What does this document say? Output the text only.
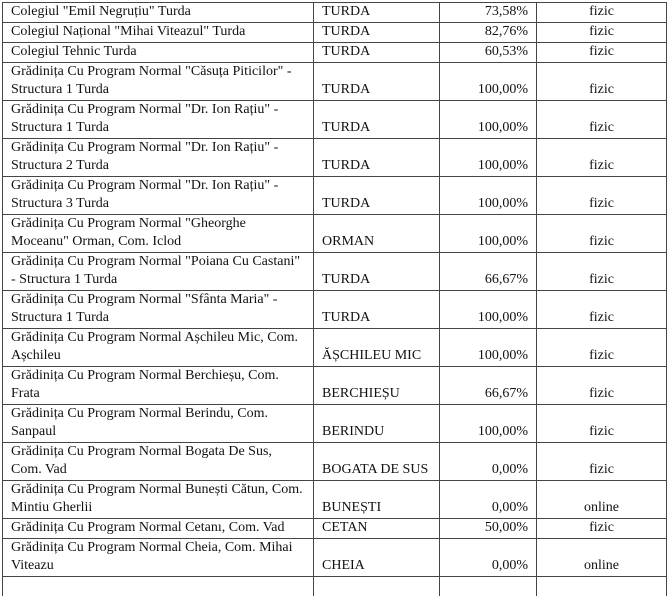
Colegiul "Emil Negruțiu" Turda	TURDA	73,58%	fizic
Colegiul Național "Mihai Viteazul" Turda	TURDA	82,76%	fizic
Colegiul Tehnic Turda	TURDA	60,53%	fizic
Grădinița Cu Program Normal "Căsuța Piticilor" - Structura 1 Turda	TURDA	100,00%	fizic
Grădinița Cu Program Normal "Dr. Ion Rațiu" - Structura 1 Turda	TURDA	100,00%	fizic
Grădinița Cu Program Normal "Dr. Ion Rațiu" - Structura 2 Turda	TURDA	100,00%	fizic
Grădinița Cu Program Normal "Dr. Ion Rațiu" - Structura 3 Turda	TURDA	100,00%	fizic
Grădinița Cu Program Normal "Gheorghe Moceanu" Orman, Com. Iclod	ORMAN	100,00%	fizic
Grădinița Cu Program Normal "Poiana Cu Castani" - Structura 1 Turda	TURDA	66,67%	fizic
Grădinița Cu Program Normal "Sfânta Maria" - Structura 1 Turda	TURDA	100,00%	fizic
Grădinița Cu Program Normal Așchileu Mic, Com. Așchileu	ĂȘCHILEU MIC	100,00%	fizic
Grădinița Cu Program Normal Berchieșu, Com. Frata	BERCHIEȘU	66,67%	fizic
Grădinița Cu Program Normal Berindu, Com. Sanpaul	BERINDU	100,00%	fizic
Grădinița Cu Program Normal Bogata De Sus, Com. Vad	BOGATA DE SUS	0,00%	fizic
Grădinița Cu Program Normal Bunești Cătun, Com. Mintiu Gherlii	BUNEȘTI	0,00%	online
Grădinița Cu Program Normal Cetanı, Com. Vad	CETAN	50,00%	fizic
Grădinița Cu Program Normal Cheia, Com. Mihai Viteazu	CHEIA	0,00%	online
